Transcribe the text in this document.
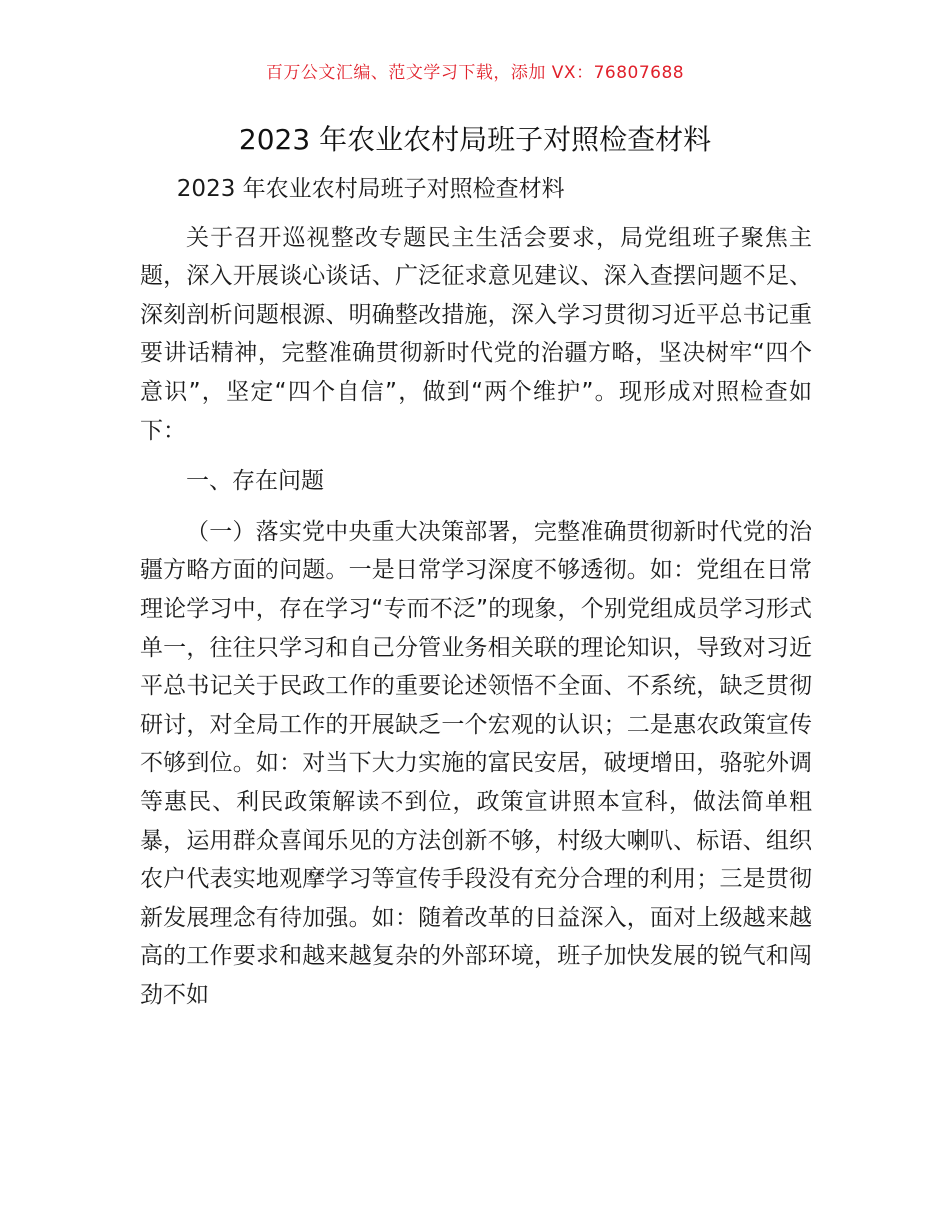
百万公文汇编、范文学习下载，添加 VX：76807688
2023 年农业农村局班子对照检查材料

2023 年农业农村局班子对照检查材料

关于召开巡视整改专题民主生活会要求，局党组班子聚焦主题，深入开展谈心谈话、广泛征求意见建议、深入查摆问题不足、深刻剖析问题根源、明确整改措施，深入学习贯彻习近平总书记重要讲话精神，完整准确贯彻新时代党的治疆方略，坚决树牢“四个意识”，坚定“四个自信”，做到“两个维护”。现形成对照检查如下：

一、存在问题

（一）落实党中央重大决策部署，完整准确贯彻新时代党的治疆方略方面的问题。一是日常学习深度不够透彻。如：党组在日常理论学习中，存在学习“专而不泛”的现象，个别党组成员学习形式单一，往往只学习和自己分管业务相关联的理论知识，导致对习近平总书记关于民政工作的重要论述领悟不全面、不系统，缺乏贯彻研讨，对全局工作的开展缺乏一个宏观的认识；二是惠农政策宣传不够到位。如：对当下大力实施的富民安居，破埂增田，骆驼外调等惠民、利民政策解读不到位，政策宣讲照本宣科，做法简单粗暴，运用群众喜闻乐见的方法创新不够，村级大喇叭、标语、组织农户代表实地观摩学习等宣传手段没有充分合理的利用；三是贯彻新发展理念有待加强。如：随着改革的日益深入，面对上级越来越高的工作要求和越来越复杂的外部环境，班子加快发展的锐气和闯劲不如
